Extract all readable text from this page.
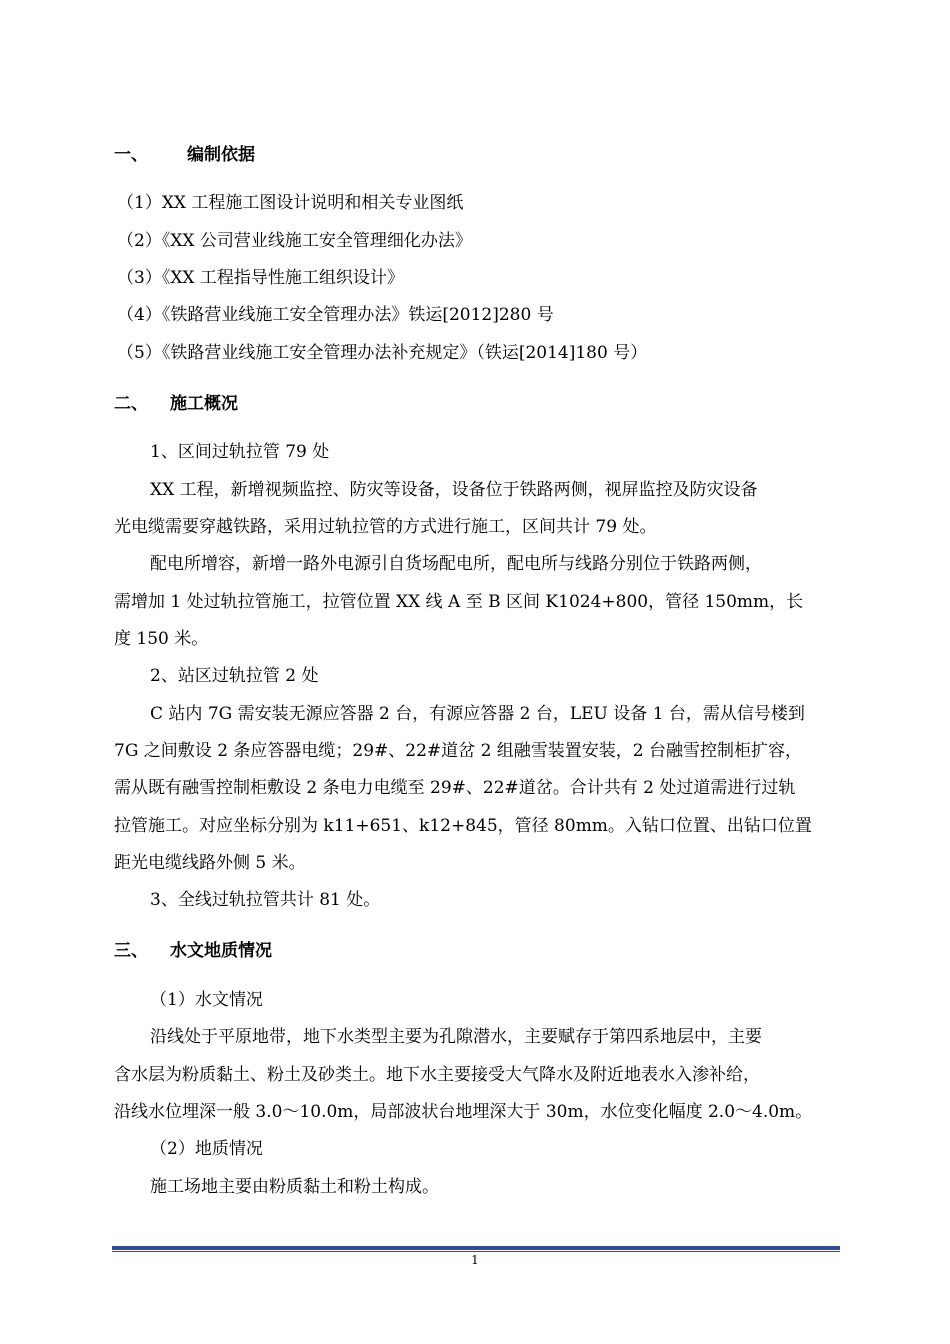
一、 编制依据
（1）XX 工程施工图设计说明和相关专业图纸
（2）《XX 公司营业线施工安全管理细化办法》
（3）《XX 工程指导性施工组织设计》
（4）《铁路营业线施工安全管理办法》铁运[2012]280 号
（5）《铁路营业线施工安全管理办法补充规定》（铁运[2014]180 号）
二、 施工概况
1、区间过轨拉管 79 处
XX 工程，新增视频监控、防灾等设备，设备位于铁路两侧，视屏监控及防灾设备
光电缆需要穿越铁路，采用过轨拉管的方式进行施工，区间共计 79 处。
配电所增容，新增一路外电源引自货场配电所，配电所与线路分别位于铁路两侧，
需增加 1 处过轨拉管施工，拉管位置 XX 线 A 至 B 区间 K1024+800，管径 150mm，长
度 150 米。
2、站区过轨拉管 2 处
C 站内 7G 需安装无源应答器 2 台，有源应答器 2 台，LEU 设备 1 台，需从信号楼到
7G 之间敷设 2 条应答器电缆；29#、22#道岔 2 组融雪装置安装，2 台融雪控制柜扩容，
需从既有融雪控制柜敷设 2 条电力电缆至 29#、22#道岔。合计共有 2 处过道需进行过轨
拉管施工。对应坐标分别为 k11+651、k12+845，管径 80mm。入钻口位置、出钻口位置
距光电缆线路外侧 5 米。
3、全线过轨拉管共计 81 处。
三、 水文地质情况
（1）水文情况
沿线处于平原地带，地下水类型主要为孔隙潜水，主要赋存于第四系地层中，主要
含水层为粉质黏土、粉土及砂类土。地下水主要接受大气降水及附近地表水入渗补给，
沿线水位埋深一般 3.0～10.0m，局部波状台地埋深大于 30m，水位变化幅度 2.0～4.0m。
（2）地质情况
施工场地主要由粉质黏土和粉土构成。
1
